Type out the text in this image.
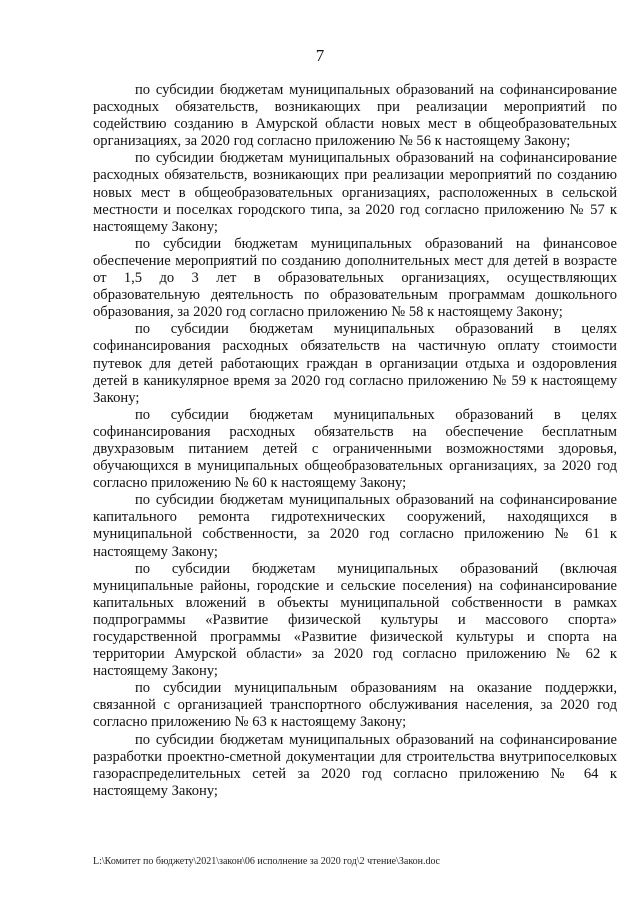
7

по субсидии бюджетам муниципальных образований на софинансирование расходных обязательств, возникающих при реализации мероприятий по содействию созданию в Амурской области новых мест в общеобразовательных организациях, за 2020 год согласно приложению № 56 к настоящему Закону;

по субсидии бюджетам муниципальных образований на софинансирование расходных обязательств, возникающих при реализации мероприятий по созданию новых мест в общеобразовательных организациях, расположенных в сельской местности и поселках городского типа, за 2020 год согласно приложению № 57 к настоящему Закону;

по субсидии бюджетам муниципальных образований на финансовое обеспечение мероприятий по созданию дополнительных мест для детей в возрасте от 1,5 до 3 лет в образовательных организациях, осуществляющих образовательную деятельность по образовательным программам дошкольного образования, за 2020 год согласно приложению № 58 к настоящему Закону;

по субсидии бюджетам муниципальных образований в целях софинансирования расходных обязательств на частичную оплату стоимости путевок для детей работающих граждан в организации отдыха и оздоровления детей в каникулярное время за 2020 год согласно приложению № 59 к настоящему Закону;

по субсидии бюджетам муниципальных образований в целях софинансирования расходных обязательств на обеспечение бесплатным двухразовым питанием детей с ограниченными возможностями здоровья, обучающихся в муниципальных общеобразовательных организациях, за 2020 год согласно приложению № 60 к настоящему Закону;

по субсидии бюджетам муниципальных образований на софинансирование капитального ремонта гидротехнических сооружений, находящихся в муниципальной собственности, за 2020 год согласно приложению № 61 к настоящему Закону;

по субсидии бюджетам муниципальных образований (включая муниципальные районы, городские и сельские поселения) на софинансирование капитальных вложений в объекты муниципальной собственности в рамках подпрограммы «Развитие физической культуры и массового спорта» государственной программы «Развитие физической культуры и спорта на территории Амурской области» за 2020 год согласно приложению № 62 к настоящему Закону;

по субсидии муниципальным образованиям на оказание поддержки, связанной с организацией транспортного обслуживания населения, за 2020 год согласно приложению № 63 к настоящему Закону;

по субсидии бюджетам муниципальных образований на софинансирование разработки проектно-сметной документации для строительства внутрипоселковых газораспределительных сетей за 2020 год согласно приложению № 64 к настоящему Закону;

L:\Комитет по бюджету\2021\закон\06 исполнение за 2020 год\2 чтение\Закон.doc
